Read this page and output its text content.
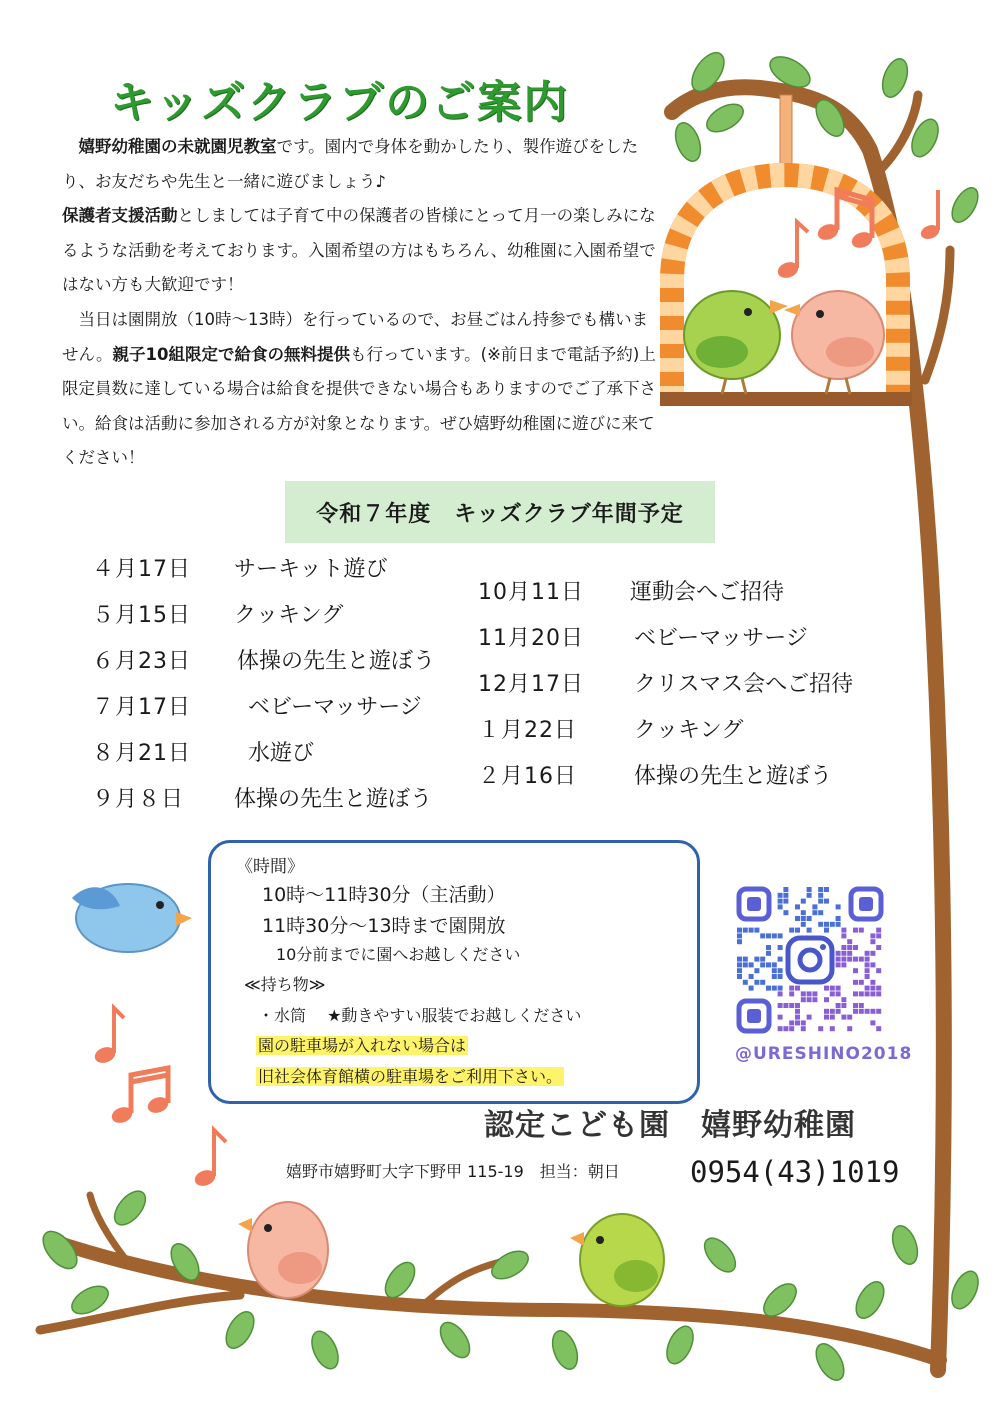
キッズクラブのご案内

　嬉野幼稚園の未就園児教室です。園内で身体を動かしたり、製作遊びをしたり、お友だちや先生と一緒に遊びましょう♪

保護者支援活動としましては子育て中の保護者の皆様にとって月一の楽しみになるような活動を考えております。入園希望の方はもちろん、幼稚園に入園希望ではない方も大歓迎です！

　当日は園開放（10時～13時）を行っているので、お昼ごはん持参でも構いません。親子10組限定で給食の無料提供も行っています。(※前日まで電話予約)上限定員数に達している場合は給食を提供できない場合もありますのでご了承下さい。給食は活動に参加される方が対象となります。ぜひ嬉野幼稚園に遊びに来てください！

令和７年度　キッズクラブ年間予定
４月17日 サーキット遊び
５月15日 クッキング
６月23日 体操の先生と遊ぼう
７月17日	ベビーマッサージ
８月21日	水遊び
９月８日 体操の先生と遊ぼう
10月11日 運動会へご招待
11月20日 ベビーマッサージ
12月17日 クリスマス会へご招待
１月22日	クッキング
２月16日	体操の先生と遊ぼう
《時間》
10時～11時30分（主活動）
11時30分～13時まで園開放
10分前までに園へお越しください
≪持ち物≫
・水筒　 ★動きやすい服装でお越しください
園の駐車場が入れない場合は
旧社会体育館横の駐車場をご利用下さい。
@URESHINO2018
認定こども園　嬉野幼稚園
嬉野市嬉野町大字下野甲 115-19　担当：朝日 0954(43)1019
